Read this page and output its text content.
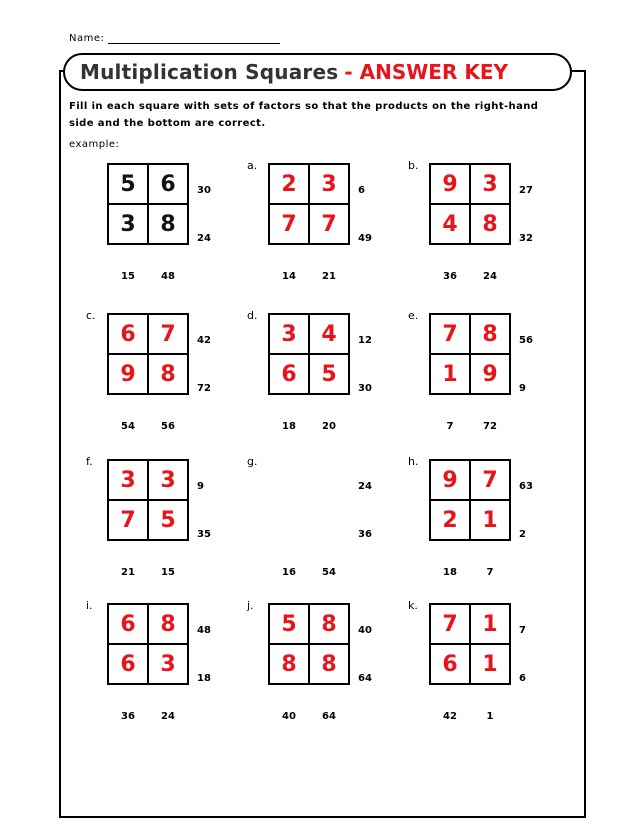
Name:
Multiplication Squares - ANSWER KEY

Fill in each square with sets of factors so that the products on the right-hand side and the bottom are correct.

example:
5	6
3	8
30
24
15	48
a.
2	3
7	7
6
49
14	21
b.
9	3
4	8
27
32
36	24
c.
6	7
9	8
42
72
54	56
d.
3	4
6	5
12
30
18	20
e.
7	8
1	9
56
9
7	72
f.
3	3
7	5
9
35
21	15
g.
24
36
16	54
h.
9	7
2	1
63
2
18	7
i.
6	8
6	3
48
18
36	24
j.
5	8
8	8
40
64
40	64
k.
7	1
6	1
7
6
42	1
